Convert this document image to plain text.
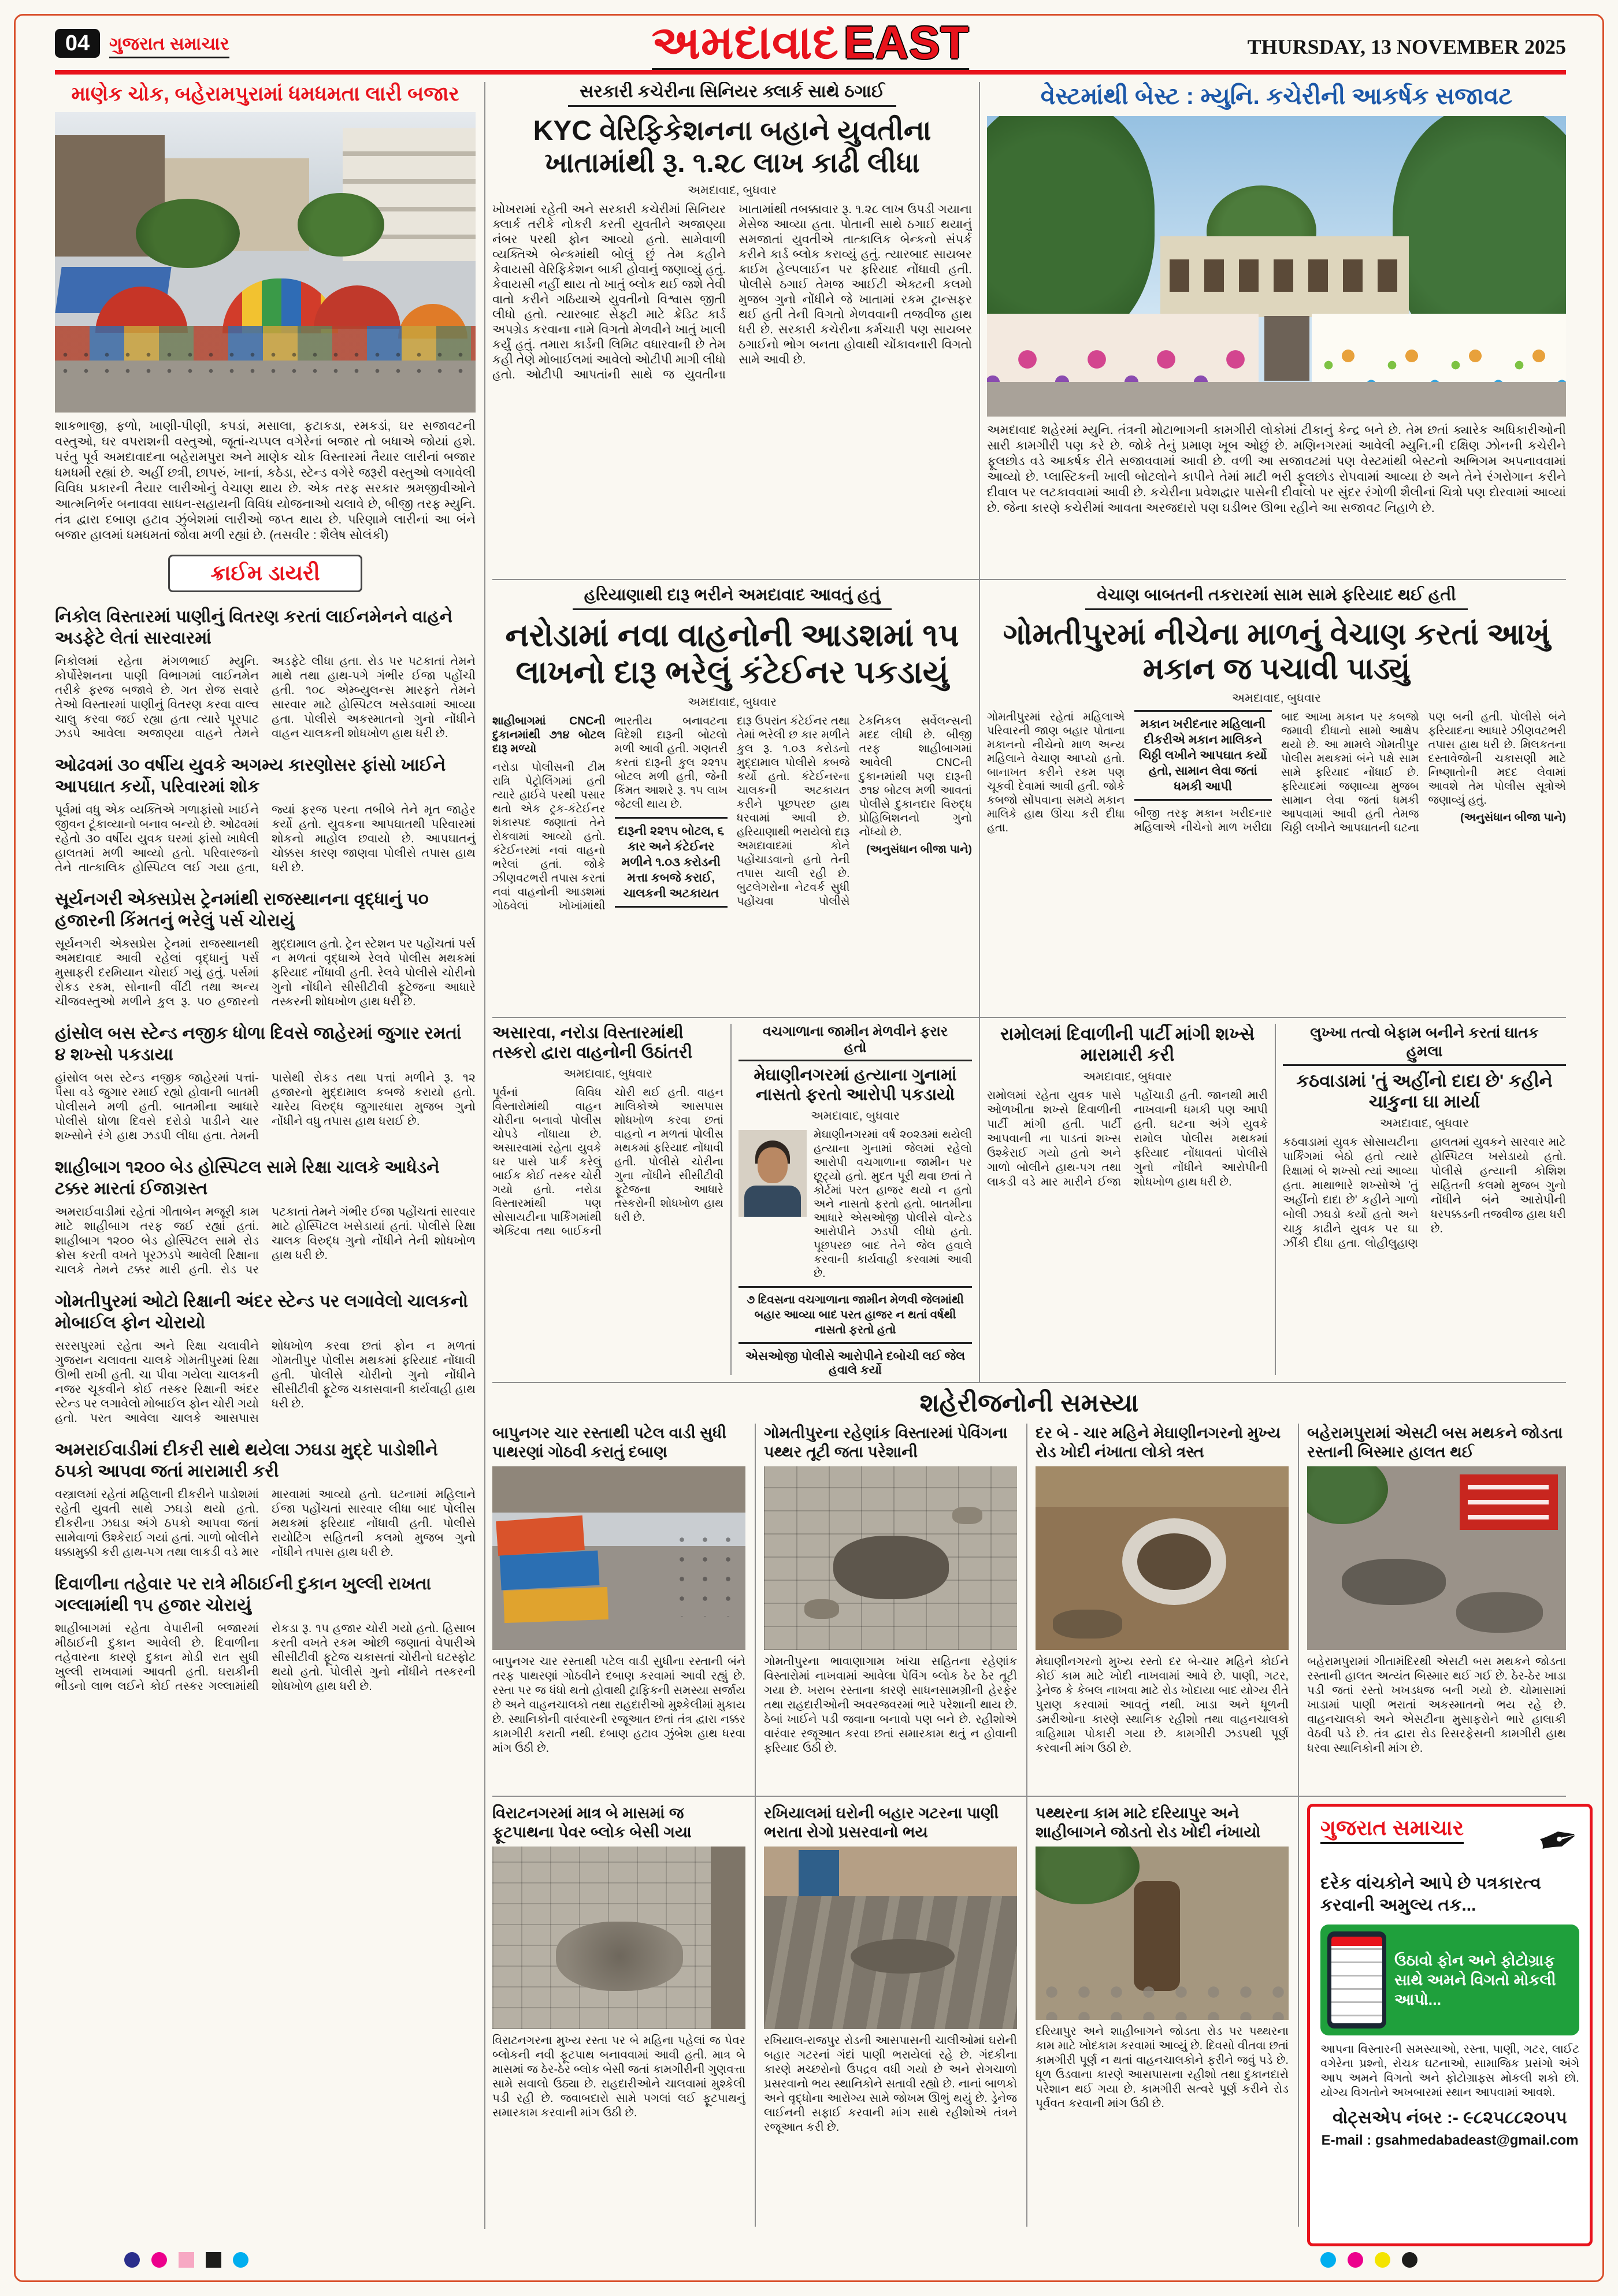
04	ગુજરાત સમાચાર	અમદાવાદ EAST	THURSDAY, 13 NOVEMBER 2025
માણેક ચોક, બહેરામપુરામાં ધમધમતા લારી બજાર
શાકભાજી, ફળો, ખાણી-પીણી, કપડાં, મસાલા, ફટાકડા, રમકડાં, ઘર સજાવટની વસ્તુઓ, ઘર વપરાશની વસ્તુઓ, જૂતાં-ચપ્પલ વગેરેનાં બજાર તો બધાએ જોયાં હશે. પરંતુ પૂર્વ અમદાવાદના બહેરામપુરા અને માણેક ચોક વિસ્તારમાં તૈયાર લારીનાં બજાર ધમધમી રહ્યાં છે. અહીં છત્રી, છાપરું, ખાનાં, કઠેડા, સ્ટેન્ડ વગેરે જરૂરી વસ્તુઓ લગાવેલી વિવિધ પ્રકારની તૈયાર લારીઓનું વેચાણ થાય છે. એક તરફ સરકાર શ્રમજીવીઓને આત્મનિર્ભર બનાવવા સાધન-સહાયની વિવિધ યોજનાઓ ચલાવે છે, બીજી તરફ મ્યુનિ. તંત્ર દ્વારા દબાણ હટાવ ઝુંબેશમાં લારીઓ જપ્ત થાય છે. પરિણામે લારીનાં આ બંને બજાર હાલમાં ધમધમતાં જોવા મળી રહ્યાં છે. (તસવીર : શૈલેષ સોલંકી)
ક્રાઈમ ડાયરી
નિકોલ વિસ્તારમાં પાણીનું વિતરણ કરતાં લાઈનમેનને વાહને અડફેટે લેતાં સારવારમાં
નિકોલમાં રહેતા મંગળભાઈ મ્યુનિ. કોર્પોરેશનના પાણી વિભાગમાં લાઈનમેન તરીકે ફરજ બજાવે છે. ગત રોજ સવારે તેઓ વિસ્તારમાં પાણીનું વિતરણ કરવા વાલ્વ ચાલુ કરવા જઈ રહ્યા હતા ત્યારે પૂરપાટ ઝડપે આવેલા અજાણ્યા વાહને તેમને અડફેટે લીધા હતા. રોડ પર પટકાતાં તેમને માથે તથા હાથ-પગે ગંભીર ઈજા પહોંચી હતી. ૧૦૮ એમ્બ્યુલન્સ મારફતે તેમને સારવાર માટે હોસ્પિટલ ખસેડવામાં આવ્યા હતા. પોલીસે અકસ્માતનો ગુનો નોંધીને વાહન ચાલકની શોધખોળ હાથ ધરી છે.
ઓઢવમાં ૩૦ વર્ષીય યુવકે અગમ્ય કારણોસર ફાંસો ખાઈને આપઘાત કર્યો, પરિવારમાં શોક
પૂર્વમાં વધુ એક વ્યક્તિએ ગળાફાંસો ખાઈને જીવન ટૂંકાવ્યાનો બનાવ બન્યો છે. ઓઢવમાં રહેતો ૩૦ વર્ષીય યુવક ઘરમાં ફાંસો ખાધેલી હાલતમાં મળી આવ્યો હતો. પરિવારજનો તેને તાત્કાલિક હોસ્પિટલ લઈ ગયા હતા, જ્યાં ફરજ પરના તબીબે તેને મૃત જાહેર કર્યો હતો. યુવકના આપઘાતથી પરિવારમાં શોકનો માહોલ છવાયો છે. આપઘાતનું ચોક્કસ કારણ જાણવા પોલીસે તપાસ હાથ ધરી છે.
સૂર્યનગરી એક્સપ્રેસ ટ્રેનમાંથી રાજસ્થાનના વૃદ્ધાનું ૫૦ હજારની કિંમતનું ભરેલું પર્સ ચોરાયું
સૂર્યનગરી એક્સપ્રેસ ટ્રેનમાં રાજસ્થાનથી અમદાવાદ આવી રહેલાં વૃદ્ધાનું પર્સ મુસાફરી દરમિયાન ચોરાઈ ગયું હતું. પર્સમાં રોકડ રકમ, સોનાની વીંટી તથા અન્ય ચીજવસ્તુઓ મળીને કુલ રૂ. ૫૦ હજારનો મુદ્દામાલ હતો. ટ્રેન સ્ટેશન પર પહોંચતાં પર્સ ન મળતાં વૃદ્ધાએ રેલવે પોલીસ મથકમાં ફરિયાદ નોંધાવી હતી. રેલવે પોલીસે ચોરીનો ગુનો નોંધીને સીસીટીવી ફૂટેજના આધારે તસ્કરની શોધખોળ હાથ ધરી છે.
હાંસોલ બસ સ્ટેન્ડ નજીક ધોળા દિવસે જાહેરમાં જુગાર રમતાં ૪ શખ્સો પકડાયા
હાંસોલ બસ સ્ટેન્ડ નજીક જાહેરમાં પત્તાં-પૈસા વડે જુગાર રમાઈ રહ્યો હોવાની બાતમી પોલીસને મળી હતી. બાતમીના આધારે પોલીસે ધોળા દિવસે દરોડો પાડીને ચાર શખ્સોને રંગે હાથ ઝડપી લીધા હતા. તેમની પાસેથી રોકડ તથા પત્તાં મળીને રૂ. ૧૨ હજારનો મુદ્દામાલ કબજે કરાયો હતો. ચારેય વિરુદ્ધ જુગારધારા મુજબ ગુનો નોંધીને વધુ તપાસ હાથ ધરાઈ છે.
શાહીબાગ ૧૨૦૦ બેડ હોસ્પિટલ સામે રિક્ષા ચાલકે આધેડને ટક્કર મારતાં ઈજાગ્રસ્ત
અમરાઈવાડીમાં રહેતાં ગીતાબેન મજૂરી કામ માટે શાહીબાગ તરફ જઈ રહ્યાં હતાં. શાહીબાગ ૧૨૦૦ બેડ હોસ્પિટલ સામે રોડ ક્રોસ કરતી વખતે પૂરઝડપે આવેલી રિક્ષાના ચાલકે તેમને ટક્કર મારી હતી. રોડ પર પટકાતાં તેમને ગંભીર ઈજા પહોંચતાં સારવાર માટે હોસ્પિટલ ખસેડાયાં હતાં. પોલીસે રિક્ષા ચાલક વિરુદ્ધ ગુનો નોંધીને તેની શોધખોળ હાથ ધરી છે.
ગોમતીપુરમાં ઓટો રિક્ષાની અંદર સ્ટેન્ડ પર લગાવેલો ચાલકનો મોબાઈલ ફોન ચોરાયો
સરસપુરમાં રહેતા અને રિક્ષા ચલાવીને ગુજરાન ચલાવતા ચાલકે ગોમતીપુરમાં રિક્ષા ઊભી રાખી હતી. ચા પીવા ગયેલા ચાલકની નજર ચૂકવીને કોઈ તસ્કર રિક્ષાની અંદર સ્ટેન્ડ પર લગાવેલો મોબાઈલ ફોન ચોરી ગયો હતો. પરત આવેલા ચાલકે આસપાસ શોધખોળ કરવા છતાં ફોન ન મળતાં ગોમતીપુર પોલીસ મથકમાં ફરિયાદ નોંધાવી હતી. પોલીસે ચોરીનો ગુનો નોંધીને સીસીટીવી ફૂટેજ ચકાસવાની કાર્યવાહી હાથ ધરી છે.
અમરાઈવાડીમાં દીકરી સાથે થયેલા ઝઘડા મુદ્દે પાડોશીને ઠપકો આપવા જતાં મારામારી કરી
વસ્ત્રાલમાં રહેતાં મહિલાની દીકરીને પાડોશમાં રહેતી યુવતી સાથે ઝઘડો થયો હતો. દીકરીના ઝઘડા અંગે ઠપકો આપવા જતાં સામેવાળાં ઉશ્કેરાઈ ગયાં હતાં. ગાળો બોલીને ધક્કામુક્કી કરી હાથ-પગ તથા લાકડી વડે માર મારવામાં આવ્યો હતો. ઘટનામાં મહિલાને ઈજા પહોંચતાં સારવાર લીધા બાદ પોલીસ મથકમાં ફરિયાદ નોંધાવી હતી. પોલીસે રાયોટિંગ સહિતની કલમો મુજબ ગુનો નોંધીને તપાસ હાથ ધરી છે.
દિવાળીના તહેવાર પર રાત્રે મીઠાઈની દુકાન ખુલ્લી રાખતા ગલ્લામાંથી ૧૫ હજાર ચોરાયું
શાહીબાગમાં રહેતા વેપારીની બજારમાં મીઠાઈની દુકાન આવેલી છે. દિવાળીના તહેવારના કારણે દુકાન મોડી રાત સુધી ખુલ્લી રાખવામાં આવતી હતી. ઘરાકીની ભીડનો લાભ લઈને કોઈ તસ્કર ગલ્લામાંથી રોકડા રૂ. ૧૫ હજાર ચોરી ગયો હતો. હિસાબ કરતી વખતે રકમ ઓછી જણાતાં વેપારીએ સીસીટીવી ફૂટેજ ચકાસતાં ચોરીનો ઘટસ્ફોટ થયો હતો. પોલીસે ગુનો નોંધીને તસ્કરની શોધખોળ હાથ ધરી છે.
સરકારી કચેરીના સિનિયર ક્લાર્ક સાથે ઠગાઈ
KYC વેરિફિકેશનના બહાને યુવતીના ખાતામાંથી રૂ. ૧.૨૮ લાખ કાઢી લીધા
અમદાવાદ, બુધવાર
ખોખરામાં રહેતી અને સરકારી કચેરીમાં સિનિયર ક્લાર્ક તરીકે નોકરી કરતી યુવતીને અજાણ્યા નંબર પરથી ફોન આવ્યો હતો. સામેવાળી વ્યક્તિએ બેન્કમાંથી બોલું છું તેમ કહીને કેવાયસી વેરિફિકેશન બાકી હોવાનું જણાવ્યું હતું. કેવાયસી નહીં થાય તો ખાતું બ્લોક થઈ જશે તેવી વાતો કરીને ગઠિયાએ યુવતીનો વિશ્વાસ જીતી લીધો હતો. ત્યારબાદ સેફ્ટી માટે ક્રેડિટ કાર્ડ અપગ્રેડ કરવાના નામે વિગતો મેળવીને ખાતું ખાલી કર્યું હતું. તમારા કાર્ડની લિમિટ વધારવાની છે તેમ કહી તેણે મોબાઈલમાં આવેલો ઓટીપી માગી લીધો હતો. ઓટીપી આપતાંની સાથે જ યુવતીના ખાતામાંથી તબક્કાવાર રૂ. ૧.૨૮ લાખ ઉપડી ગયાના મેસેજ આવ્યા હતા. પોતાની સાથે ઠગાઈ થયાનું સમજાતાં યુવતીએ તાત્કાલિક બેન્કનો સંપર્ક કરીને કાર્ડ બ્લોક કરાવ્યું હતું. ત્યારબાદ સાયબર ક્રાઈમ હેલ્પલાઈન પર ફરિયાદ નોંધાવી હતી. પોલીસે ઠગાઈ તેમજ આઈટી એક્ટની કલમો મુજબ ગુનો નોંધીને જે ખાતામાં રકમ ટ્રાન્સફર થઈ હતી તેની વિગતો મેળવવાની તજવીજ હાથ ધરી છે. સરકારી કચેરીના કર્મચારી પણ સાયબર ઠગાઈનો ભોગ બનતા હોવાથી ચોંકાવનારી વિગતો સામે આવી છે.
વેસ્ટમાંથી બેસ્ટ : મ્યુનિ. કચેરીની આકર્ષક સજાવટ
અમદાવાદ શહેરમાં મ્યુનિ. તંત્રની મોટાભાગની કામગીરી લોકોમાં ટીકાનું કેન્દ્ર બને છે. તેમ છતાં ક્યારેક અધિકારીઓની સારી કામગીરી પણ કરે છે. જોકે તેનું પ્રમાણ ખૂબ ઓછું છે. મણિનગરમાં આવેલી મ્યુનિ.ની દક્ષિણ ઝોનની કચેરીને ફૂલછોડ વડે આકર્ષક રીતે સજાવવામાં આવી છે. વળી આ સજાવટમાં પણ વેસ્ટમાંથી બેસ્ટનો અભિગમ અપનાવવામાં આવ્યો છે. પ્લાસ્ટિકની ખાલી બોટલોને કાપીને તેમાં માટી ભરી ફૂલછોડ રોપવામાં આવ્યા છે અને તેને રંગરોગાન કરીને દીવાલ પર લટકાવવામાં આવી છે. કચેરીના પ્રવેશદ્વાર પાસેની દીવાલો પર સુંદર રંગોળી શૈલીનાં ચિત્રો પણ દોરવામાં આવ્યાં છે. જેના કારણે કચેરીમાં આવતા અરજદારો પણ ઘડીભર ઊભા રહીને આ સજાવટ નિહાળે છે.
હરિયાણાથી દારૂ ભરીને અમદાવાદ આવતું હતું
નરોડામાં નવા વાહનોની આડશમાં ૧૫ લાખનો દારૂ ભરેલું કંટેઈનર પકડાયું
અમદાવાદ, બુધવાર

શાહીબાગમાં CNCની દુકાનમાંથી ૭૧૪ બોટલ દારૂ મળ્યો

નરોડા પોલીસની ટીમ રાત્રિ પેટ્રોલિંગમાં હતી ત્યારે હાઈવે પરથી પસાર થતો એક ટ્રક-કંટેઈનર શંકાસ્પદ જણાતાં તેને રોકવામાં આવ્યો હતો. કંટેઈનરમાં નવાં વાહનો ભરેલાં હતાં. જોકે ઝીણવટભરી તપાસ કરતાં નવાં વાહનોની આડશમાં ગોઠવેલાં ખોખાંમાંથી ભારતીય બનાવટના વિદેશી દારૂની બોટલો મળી આવી હતી. ગણતરી કરતાં દારૂની કુલ ૨૨૧૫ બોટલ મળી હતી, જેની કિંમત આશરે રૂ. ૧૫ લાખ જેટલી થાય છે.
દારૂની ૨૨૧૫ બોટલ, ૬ કાર અને કંટેઈનર મળીને ૧.૦૩ કરોડની મત્તા કબજે કરાઈ, ચાલકની અટકાયત
દારૂ ઉપરાંત કંટેઈનર તથા તેમાં ભરેલી છ કાર મળીને કુલ રૂ. ૧.૦૩ કરોડનો મુદ્દામાલ પોલીસે કબજે કર્યો હતો. કંટેઈનરના ચાલકની અટકાયત કરીને પૂછપરછ હાથ ધરવામાં આવી છે. હરિયાણાથી ભરાયેલો દારૂ અમદાવાદમાં કોને પહોંચાડવાનો હતો તેની તપાસ ચાલી રહી છે. બુટલેગરોના નેટવર્ક સુધી પહોંચવા પોલીસે ટેકનિકલ સર્વેલન્સની મદદ લીધી છે. બીજી તરફ શાહીબાગમાં આવેલી CNCની દુકાનમાંથી પણ દારૂની ૭૧૪ બોટલ મળી આવતાં પોલીસે દુકાનદાર વિરુદ્ધ પ્રોહિબિશનનો ગુનો નોંધ્યો છે.
(અનુસંધાન બીજા પાને)
વેચાણ બાબતની તકરારમાં સામ સામે ફરિયાદ થઈ હતી
ગોમતીપુરમાં નીચેના માળનું વેચાણ કરતાં આખું મકાન જ પચાવી પાડ્યું
અમદાવાદ, બુધવાર
ગોમતીપુરમાં રહેતાં મહિલાએ પરિવારની જાણ બહાર પોતાના મકાનનો નીચેનો માળ અન્ય મહિલાને વેચાણ આપ્યો હતો. બાનાખત કરીને રકમ પણ ચૂકવી દેવામાં આવી હતી. જોકે કબજો સોંપવાના સમયે મકાન માલિકે હાથ ઊંચા કરી દીધા હતા.
મકાન ખરીદનાર મહિલાની દીકરીએ મકાન માલિકને ચિઠ્ઠી લખીને આપઘાત કર્યો હતો, સામાન લેવા જતાં ધમકી આપી
બીજી તરફ મકાન ખરીદનાર મહિલાએ નીચેનો માળ ખરીદ્યા બાદ આખા મકાન પર કબજો જમાવી દીધાનો સામો આક્ષેપ થયો છે. આ મામલે ગોમતીપુર પોલીસ મથકમાં બંને પક્ષે સામ સામે ફરિયાદ નોંધાઈ છે. ફરિયાદમાં જણાવ્યા મુજબ સામાન લેવા જતાં ધમકી આપવામાં આવી હતી તેમજ ચિઠ્ઠી લખીને આપઘાતની ઘટના પણ બની હતી. પોલીસે બંને ફરિયાદના આધારે ઝીણવટભરી તપાસ હાથ ધરી છે. મિલકતના દસ્તાવેજોની ચકાસણી માટે નિષ્ણાતોની મદદ લેવામાં આવશે તેમ પોલીસ સૂત્રોએ જણાવ્યું હતું.
(અનુસંધાન બીજા પાને)
અસારવા, નરોડા વિસ્તારમાંથી તસ્કરો દ્વારા વાહનોની ઉઠાંતરી
અમદાવાદ, બુધવાર
પૂર્વનાં વિવિધ વિસ્તારોમાંથી વાહન ચોરીના બનાવો પોલીસ ચોપડે નોંધાયા છે. અસારવામાં રહેતા યુવકે ઘર પાસે પાર્ક કરેલું બાઈક કોઈ તસ્કર ચોરી ગયો હતો. નરોડા વિસ્તારમાંથી પણ સોસાયટીના પાર્કિંગમાંથી એક્ટિવા તથા બાઈકની ચોરી થઈ હતી. વાહન માલિકોએ આસપાસ શોધખોળ કરવા છતાં વાહનો ન મળતાં પોલીસ મથકમાં ફરિયાદ નોંધાવી હતી. પોલીસે ચોરીના ગુના નોંધીને સીસીટીવી ફૂટેજના આધારે તસ્કરોની શોધખોળ હાથ ધરી છે.
વચગાળાના જામીન મેળવીને ફરાર હતો
મેઘાણીનગરમાં હત્યાના ગુનામાં નાસતો ફરતો આરોપી પકડાયો
અમદાવાદ, બુધવાર
મેઘાણીનગરમાં વર્ષ ૨૦૨૩માં થયેલી હત્યાના ગુનામાં જેલમાં રહેલો આરોપી વચગાળાના જામીન પર છૂટ્યો હતો. મુદત પૂરી થવા છતાં તે કોર્ટમાં પરત હાજર થયો ન હતો અને નાસતો ફરતો હતો. બાતમીના આધારે એસઓજી પોલીસે વોન્ટેડ આરોપીને ઝડપી લીધો હતો. પૂછપરછ બાદ તેને જેલ હવાલે કરવાની કાર્યવાહી કરવામાં આવી છે.
૭ દિવસના વચગાળાના જામીન મેળવી જેલમાંથી બહાર આવ્યા બાદ પરત હાજર ન થતાં વર્ષથી નાસતો ફરતો હતો
એસઓજી પોલીસે આરોપીને દબોચી લઈ જેલ હવાલે કર્યો
રામોલમાં દિવાળીની પાર્ટી માંગી શખ્સે મારામારી કરી
અમદાવાદ, બુધવાર
રામોલમાં રહેતા યુવક પાસે ઓળખીતા શખ્સે દિવાળીની પાર્ટી માંગી હતી. પાર્ટી આપવાની ના પાડતાં શખ્સ ઉશ્કેરાઈ ગયો હતો અને ગાળો બોલીને હાથ-પગ તથા લાકડી વડે માર મારીને ઈજા પહોંચાડી હતી. જાનથી મારી નાખવાની ધમકી પણ આપી હતી. ઘટના અંગે યુવકે રામોલ પોલીસ મથકમાં ફરિયાદ નોંધાવતાં પોલીસે ગુનો નોંધીને આરોપીની શોધખોળ હાથ ધરી છે.
લુખ્ખા તત્વો બેફામ બનીને કરતાં ઘાતક હુમલા
કઠવાડામાં 'તું અહીંનો દાદા છે' કહીને ચાકુના ઘા માર્યા
અમદાવાદ, બુધવાર
કઠવાડામાં યુવક સોસાયટીના પાર્કિંગમાં બેઠો હતો ત્યારે રિક્ષામાં બે શખ્સો ત્યાં આવ્યા હતા. માથાભારે શખ્સોએ 'તું અહીંનો દાદા છે' કહીને ગાળો બોલી ઝઘડો કર્યો હતો અને ચાકુ કાઢીને યુવક પર ઘા ઝીંકી દીધા હતા. લોહીલુહાણ હાલતમાં યુવકને સારવાર માટે હોસ્પિટલ ખસેડાયો હતો. પોલીસે હત્યાની કોશિશ સહિતની કલમો મુજબ ગુનો નોંધીને બંને આરોપીની ધરપક્કડની તજવીજ હાથ ધરી છે.
શહેરીજનોની સમસ્યા
બાપુનગર ચાર રસ્તાથી પટેલ વાડી સુધી પાથરણાં ગોઠવી કરાતું દબાણ
બાપુનગર ચાર રસ્તાથી પટેલ વાડી સુધીના રસ્તાની બંને તરફ પાથરણાં ગોઠવીને દબાણ કરવામાં આવી રહ્યું છે. રસ્તા પર જ ધંધો થતો હોવાથી ટ્રાફિકની સમસ્યા સર્જાય છે અને વાહનચાલકો તથા રાહદારીઓ મુશ્કેલીમાં મુકાય છે. સ્થાનિકોની વારંવારની રજૂઆત છતાં તંત્ર દ્વારા નક્કર કામગીરી કરાતી નથી. દબાણ હટાવ ઝુંબેશ હાથ ધરવા માંગ ઉઠી છે.
ગોમતીપુરના રહેણાંક વિસ્તારમાં પેવિંગના પથ્થર તૂટી જતા પરેશાની
ગોમતીપુરના ભાવાણાગામ ખાંચા સહિતના રહેણાંક વિસ્તારોમાં નાખવામાં આવેલા પેવિંગ બ્લોક ઠેર ઠેર તૂટી ગયા છે. ખરાબ રસ્તાના કારણે સાધનસામગ્રીની હેરફેર તથા રાહદારીઓની અવરજવરમાં ભારે પરેશાની થાય છે. ઠેબાં ખાઈને પડી જવાના બનાવો પણ બને છે. રહીશોએ વારંવાર રજૂઆત કરવા છતાં સમારકામ થતું ન હોવાની ફરિયાદ ઉઠી છે.
દર બે - ચાર મહિને મેઘાણીનગરનો મુખ્ય રોડ ખોદી નંખાતા લોકો ત્રસ્ત
મેઘાણીનગરનો મુખ્ય રસ્તો દર બે-ચાર મહિને કોઈને કોઈ કામ માટે ખોદી નાખવામાં આવે છે. પાણી, ગટર, ડ્રેનેજ કે કેબલ નાખવા માટે રોડ ખોદાયા બાદ યોગ્ય રીતે પુરાણ કરવામાં આવતું નથી. ખાડા અને ધૂળની ડમરીઓના કારણે સ્થાનિક રહીશો તથા વાહનચાલકો ત્રાહિમામ પોકારી ગયા છે. કામગીરી ઝડપથી પૂર્ણ કરવાની માંગ ઉઠી છે.
બહેરામપુરામાં એસટી બસ મથકને જોડતા રસ્તાની બિસ્માર હાલત થઈ
બહેરામપુરામાં ગીતામંદિરથી એસટી બસ મથકને જોડતા રસ્તાની હાલત અત્યંત બિસ્માર થઈ ગઈ છે. ઠેર-ઠેર ખાડા પડી જતાં રસ્તો ખખડધજ બની ગયો છે. ચોમાસામાં ખાડામાં પાણી ભરાતાં અકસ્માતનો ભય રહે છે. વાહનચાલકો અને એસટીના મુસાફરોને ભારે હાલાકી વેઠવી પડે છે. તંત્ર દ્વારા રોડ રિસરફેસની કામગીરી હાથ ધરવા સ્થાનિકોની માંગ છે.
વિરાટનગરમાં માત્ર બે માસમાં જ ફૂટપાથના પેવર બ્લોક બેસી ગયા
વિરાટનગરના મુખ્ય રસ્તા પર બે મહિના પહેલાં જ પેવર બ્લોકની નવી ફૂટપાથ બનાવવામાં આવી હતી. માત્ર બે માસમાં જ ઠેર-ઠેર બ્લોક બેસી જતાં કામગીરીની ગુણવત્તા સામે સવાલો ઉઠ્યા છે. રાહદારીઓને ચાલવામાં મુશ્કેલી પડી રહી છે. જવાબદારો સામે પગલાં લઈ ફૂટપાથનું સમારકામ કરવાની માંગ ઉઠી છે.
રખિયાલમાં ઘરોની બહાર ગટરના પાણી ભરાતા રોગો પ્રસરવાનો ભય
રખિયાલ-રાજપુર રોડની આસપાસની ચાલીઓમાં ઘરોની બહાર ગટરનાં ગંદાં પાણી ભરાયેલાં રહે છે. ગંદકીના કારણે મચ્છરોનો ઉપદ્રવ વધી ગયો છે અને રોગચાળો પ્રસરવાનો ભય સ્થાનિકોને સતાવી રહ્યો છે. નાનાં બાળકો અને વૃદ્ધોના આરોગ્ય સામે જોખમ ઊભું થયું છે. ડ્રેનેજ લાઈનની સફાઈ કરવાની માંગ સાથે રહીશોએ તંત્રને રજૂઆત કરી છે.
પથ્થરના કામ માટે દરિયાપુર અને શાહીબાગને જોડતો રોડ ખોદી નંખાયો
દરિયાપુર અને શાહીબાગને જોડતા રોડ પર પથ્થરના કામ માટે ખોદકામ કરવામાં આવ્યું છે. દિવસો વીતવા છતાં કામગીરી પૂર્ણ ન થતાં વાહનચાલકોને ફરીને જવું પડે છે. ધૂળ ઉડવાના કારણે આસપાસના રહીશો તથા દુકાનદારો પરેશાન થઈ ગયા છે. કામગીરી સત્વરે પૂર્ણ કરીને રોડ પૂર્વવત કરવાની માંગ ઉઠી છે.
ગુજરાત સમાચાર ✒
દરેક વાંચકોને આપે છે પત્રકારત્વ કરવાની અમુલ્ય તક...
ઉઠાવો ફોન અને ફોટોગ્રાફ સાથે અમને વિગતો મોકલી આપો...
આપના વિસ્તારની સમસ્યાઓ, રસ્તા, પાણી, ગટર, લાઈટ વગેરેના પ્રશ્નો, રોચક ઘટનાઓ, સામાજિક પ્રસંગો અંગે આપ અમને વિગતો અને ફોટોગ્રાફ્સ મોકલી શકો છો. યોગ્ય વિગતોને અખબારમાં સ્થાન આપવામાં આવશે.
વોટ્સએપ નંબર :- ૯૮૨૫૮૮૨૦૫૫
E-mail : gsahmedabadeast@gmail.com
